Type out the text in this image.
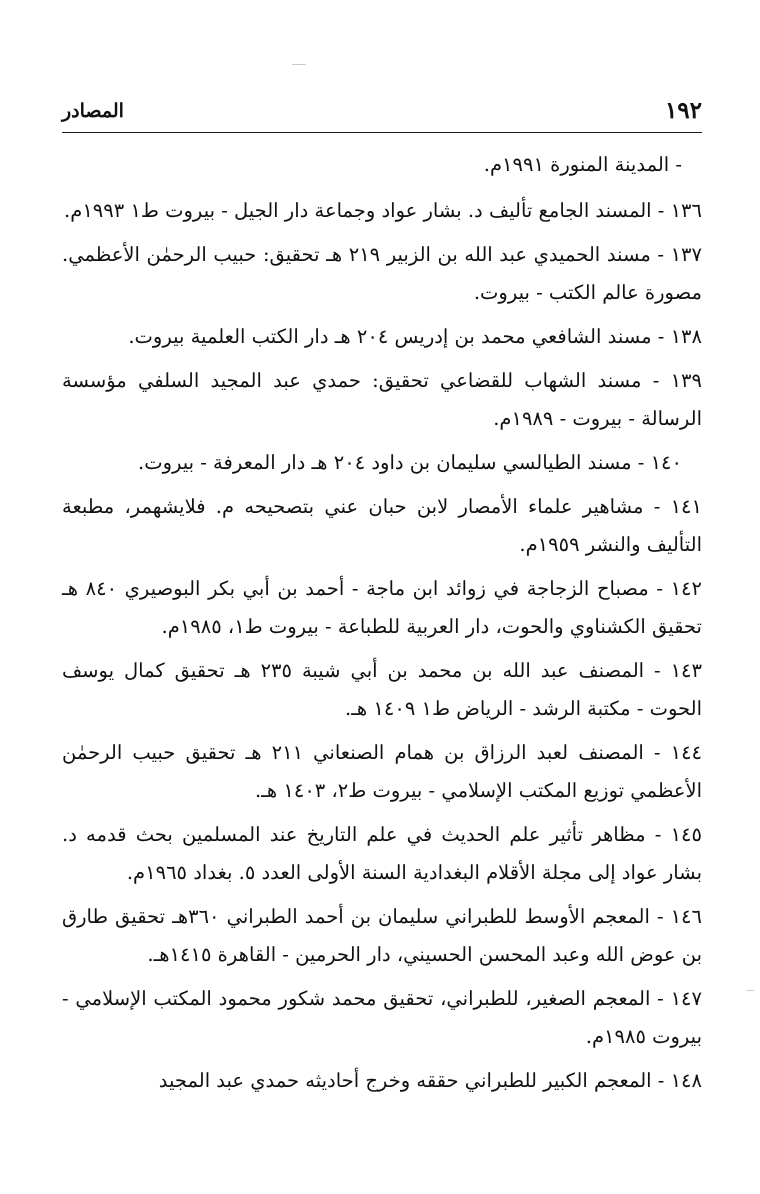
١٩٢
المصادر

- المدينة المنورة ١٩٩١م.

١٣٦ - المسند الجامع تأليف د. بشار عواد وجماعة دار الجيل - بيروت ط١ ١٩٩٣م.

١٣٧ - مسند الحميدي عبد الله بن الزبير ٢١٩ هـ تحقيق: حبيب الرحمٰن الأعظمي. مصورة عالم الكتب - بيروت.

١٣٨ - مسند الشافعي محمد بن إدريس ٢٠٤ هـ دار الكتب العلمية بيروت.

١٣٩ - مسند الشهاب للقضاعي تحقيق: حمدي عبد المجيد السلفي مؤسسة الرسالة - بيروت - ١٩٨٩م.

١٤٠ - مسند الطيالسي سليمان بن داود ٢٠٤ هـ دار المعرفة - بيروت.

١٤١ - مشاهير علماء الأمصار لابن حبان عني بتصحيحه م. فلايشهمر، مطبعة التأليف والنشر ١٩٥٩م.

١٤٢ - مصباح الزجاجة في زوائد ابن ماجة - أحمد بن أبي بكر البوصيري ٨٤٠ هـ تحقيق الكشناوي والحوت، دار العربية للطباعة - بيروت ط١، ١٩٨٥م.

١٤٣ - المصنف عبد الله بن محمد بن أبي شيبة ٢٣٥ هـ تحقيق كمال يوسف الحوت - مكتبة الرشد - الرياض ط١ ١٤٠٩ هـ.

١٤٤ - المصنف لعبد الرزاق بن همام الصنعاني ٢١١ هـ تحقيق حبيب الرحمٰن الأعظمي توزيع المكتب الإسلامي - بيروت ط٢، ١٤٠٣ هـ.

١٤٥ - مظاهر تأثير علم الحديث في علم التاريخ عند المسلمين بحث قدمه د. بشار عواد إلى مجلة الأقلام البغدادية السنة الأولى العدد ٥. بغداد ١٩٦٥م.

١٤٦ - المعجم الأوسط للطبراني سليمان بن أحمد الطبراني ٣٦٠هـ تحقيق طارق بن عوض الله وعبد المحسن الحسيني، دار الحرمين - القاهرة ١٤١٥هـ.

١٤٧ - المعجم الصغير، للطبراني، تحقيق محمد شكور محمود المكتب الإسلامي - بيروت ١٩٨٥م.

١٤٨ - المعجم الكبير للطبراني حققه وخرج أحاديثه حمدي عبد المجيد
